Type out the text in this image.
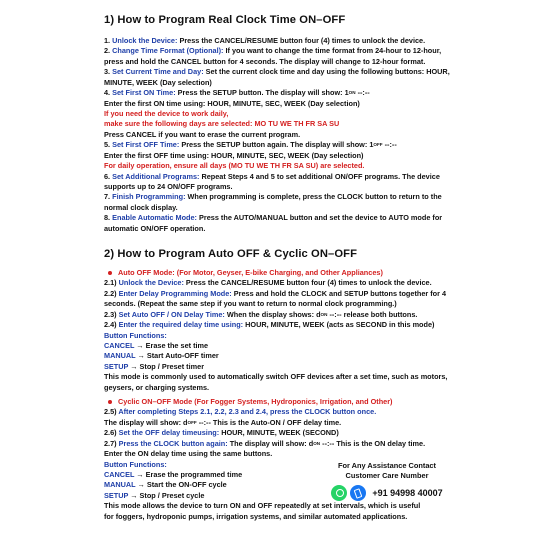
1) How to Program Real Clock Time ON–OFF
1. Unlock the Device: Press the CANCEL/RESUME button four (4) times to unlock the device.
2. Change Time Format (Optional): If you want to change the time format from 24-hour to 12-hour,
press and hold the CANCEL button for 4 seconds. The display will change to 12-hour format.
3. Set Current Time and Day: Set the current clock time and day using the following buttons: HOUR,
MINUTE, WEEK (Day selection)
4. Set First ON Time: Press the SETUP button. The display will show: 1ON --:--
Enter the first ON time using: HOUR, MINUTE, SEC, WEEK (Day selection)
If you need the device to work daily,
make sure the following days are selected: MO TU WE TH FR SA SU
Press CANCEL if you want to erase the current program.
5. Set First OFF Time: Press the SETUP button again. The display will show: 1OFF --:--
Enter the first OFF time using: HOUR, MINUTE, SEC, WEEK (Day selection)
For daily operation, ensure all days (MO TU WE TH FR SA SU) are selected.
6. Set Additional Programs: Repeat Steps 4 and 5 to set additional ON/OFF programs. The device
supports up to 24 ON/OFF programs.
7. Finish Programming: When programming is complete, press the CLOCK button to return to the
normal clock display.
8. Enable Automatic Mode: Press the AUTO/MANUAL button and set the device to AUTO mode for
automatic ON/OFF operation.
2) How to Program Auto OFF & Cyclic ON–OFF
Auto OFF Mode: (For Motor, Geyser, E-bike Charging, and Other Appliances)
2.1) Unlock the Device: Press the CANCEL/RESUME button four (4) times to unlock the device.
2.2) Enter Delay Programming Mode: Press and hold the CLOCK and SETUP buttons together for 4
seconds. (Repeat the same step if you want to return to normal clock programming.)
2.3) Set Auto OFF / ON Delay Time: When the display shows: dON --:-- release both buttons.
2.4) Enter the required delay time using: HOUR, MINUTE, WEEK (acts as SECOND in this mode)
Button Functions:
CANCEL → Erase the set time
MANUAL → Start Auto-OFF timer
SETUP → Stop / Preset timer
This mode is commonly used to automatically switch OFF devices after a set time, such as motors,
geysers, or charging systems.
Cyclic ON–OFF Mode (For Fogger Systems, Hydroponics, Irrigation, and Other)
2.5) After completing Steps 2.1, 2.2, 2.3 and 2.4, press the CLOCK button once.
The display will show: dOFF --:-- This is the Auto-ON / OFF delay time.
2.6) Set the OFF delay timeusing: HOUR, MINUTE, WEEK (SECOND)
2.7) Press the CLOCK button again: The display will show: dON --:-- This is the ON delay time.
Enter the ON delay time using the same buttons.
Button Functions:
CANCEL → Erase the programmed time
MANUAL → Start the ON-OFF cycle
SETUP → Stop / Preset cycle
This mode allows the device to turn ON and OFF repeatedly at set intervals, which is useful
for foggers, hydroponic pumps, irrigation systems, and similar automated applications.
For Any Assistance Contact
Customer Care Number
+91 94998 40007
